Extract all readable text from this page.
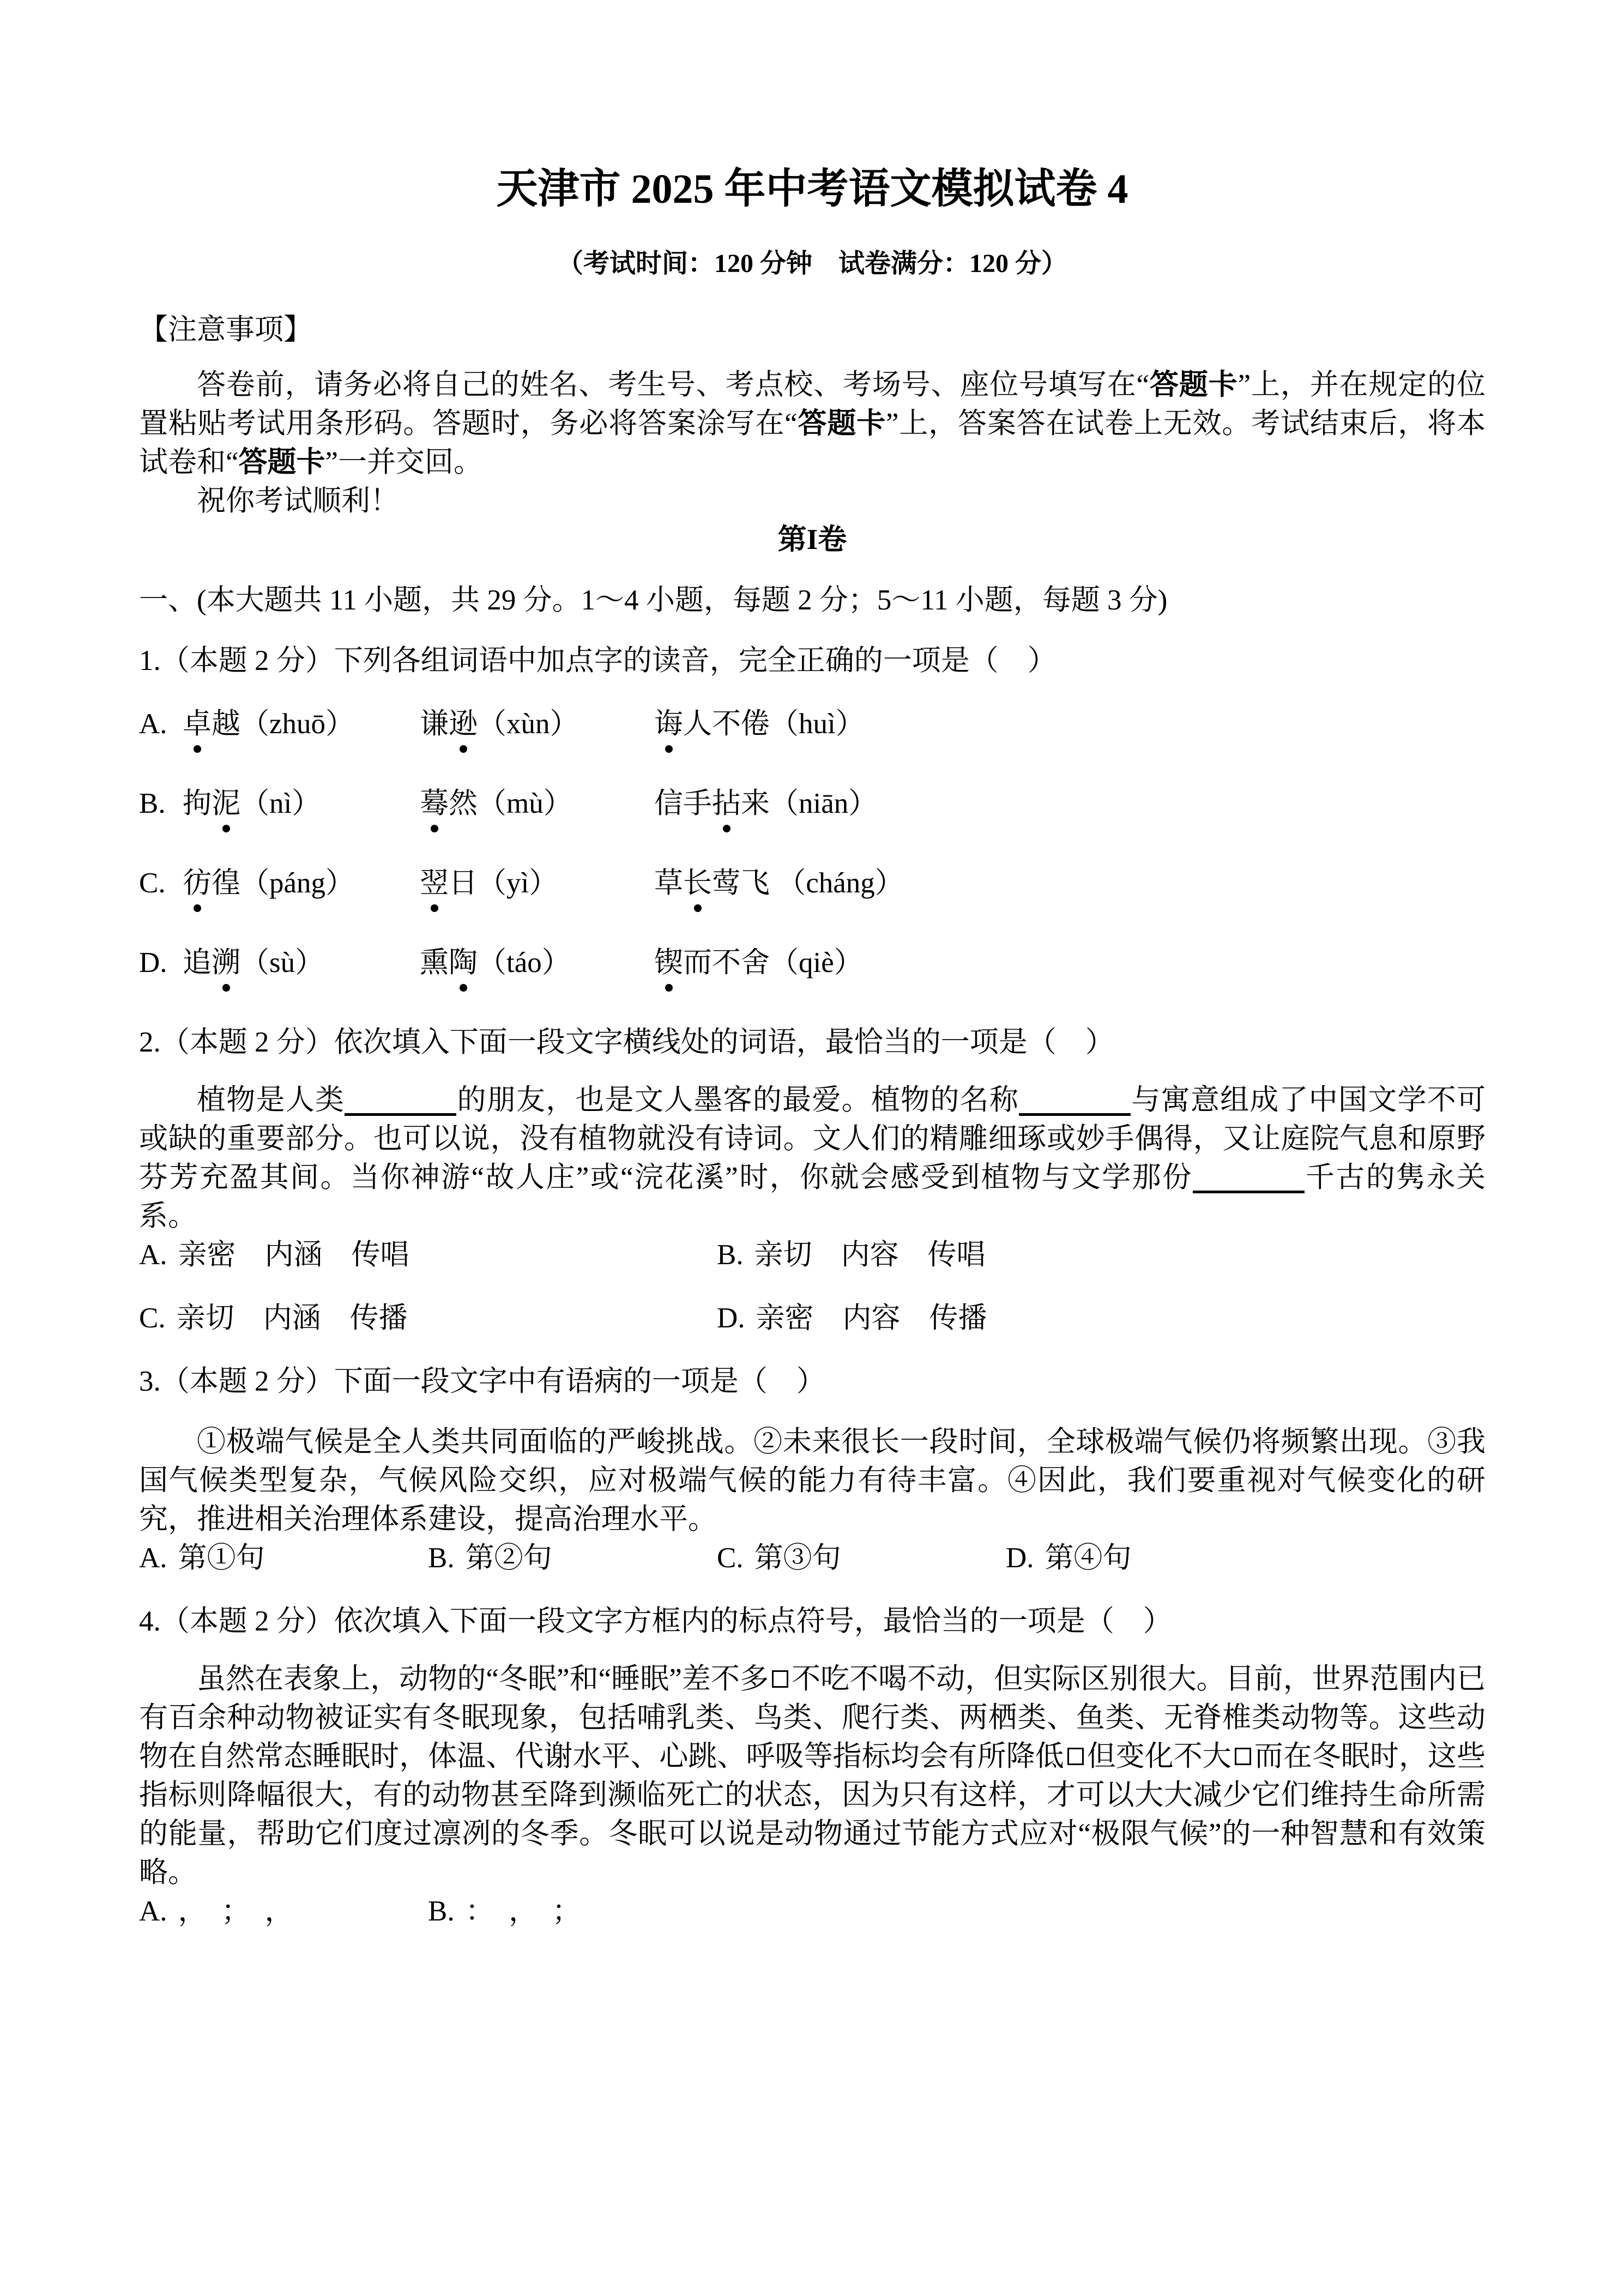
天津市 2025 年中考语文模拟试卷 4
（考试时间：120 分钟　试卷满分：120 分）
【注意事项】

答卷前，请务必将自己的姓名、考生号、考点校、考场号、座位号填写在“答题卡”上，并在规定的位置粘贴考试用条形码。答题时，务必将答案涂写在“答题卡”上，答案答在试卷上无效。考试结束后，将本试卷和“答题卡”一并交回。

祝你考试顺利！

第I卷
一、(本大题共 11 小题，共 29 分。1～4 小题，每题 2 分；5～11 小题，每题 3 分)
1.（本题 2 分）下列各组词语中加点字的读音，完全正确的一项是（　）
A. 卓越（zhuō） 谦逊（xùn）	诲人不倦（huì）
B. 拘泥（nì）	蓦然（mù）	信手拈来（niān）
C. 彷徨（páng） 翌日（yì）	草长莺飞 （cháng）
D. 追溯（sù）	熏陶（táo）	锲而不舍（qiè）
2.（本题 2 分）依次填入下面一段文字横线处的词语，最恰当的一项是（　）

植物是人类	的朋友，也是文人墨客的最爱。植物的名称	与寓意组成了中国文学不可或缺的重要部分。也可以说，没有植物就没有诗词。文人们的精雕细琢或妙手偶得，又让庭院气息和原野芬芳充盈其间。当你神游“故人庄”或“浣花溪”时，你就会感受到植物与文学那份	千古的隽永关系。

A. 亲密　内涵　传唱	B. 亲切　内容　传唱
C. 亲切　内涵　传播	D. 亲密　内容　传播
3.（本题 2 分）下面一段文字中有语病的一项是（　）

①极端气候是全人类共同面临的严峻挑战。②未来很长一段时间，全球极端气候仍将频繁出现。③我国气候类型复杂，气候风险交织，应对极端气候的能力有待丰富。④因此，我们要重视对气候变化的研究，推进相关治理体系建设，提高治理水平。

A. 第①句	B. 第②句	C. 第③句	D. 第④句
4.（本题 2 分）依次填入下面一段文字方框内的标点符号，最恰当的一项是（　）

虽然在表象上，动物的“冬眠”和“睡眠”差不多 不吃不喝不动，但实际区别很大。目前，世界范围内已有百余种动物被证实有冬眠现象，包括哺乳类、鸟类、爬行类、两栖类、鱼类、无脊椎类动物等。这些动物在自然常态睡眠时，体温、代谢水平、心跳、呼吸等指标均会有所降低 但变化不大 而在冬眠时，这些指标则降幅很大，有的动物甚至降到濒临死亡的状态，因为只有这样，才可以大大减少它们维持生命所需的能量，帮助它们度过凛冽的冬季。冬眠可以说是动物通过节能方式应对“极限气候”的一种智慧和有效策略。

A. ，　；　，	B. ：　，　；
